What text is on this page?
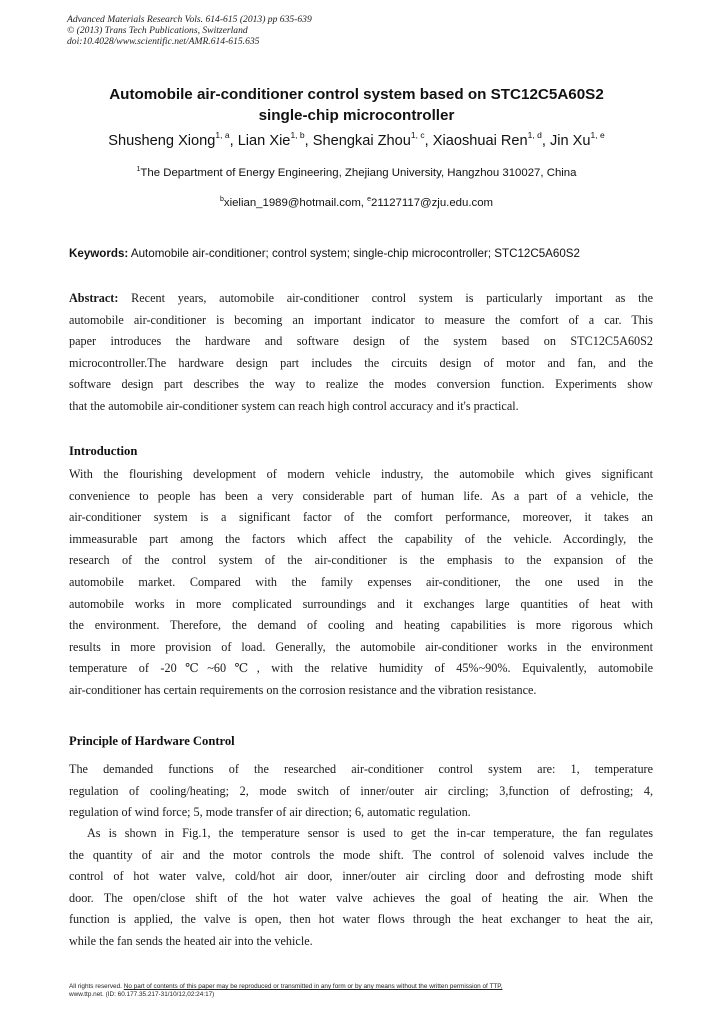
Advanced Materials Research Vols. 614-615 (2013) pp 635-639
© (2013) Trans Tech Publications, Switzerland
doi:10.4028/www.scientific.net/AMR.614-615.635
Automobile air-conditioner control system based on STC12C5A60S2
single-chip microcontroller
Shusheng Xiong$^{1, a}$, Lian Xie$^{1, b}$, Shengkai Zhou$^{1, c}$, Xiaoshuai Ren$^{1, d}$, Jin Xu$^{1, e}$
$^1$The Department of Energy Engineering, Zhejiang University, Hangzhou 310027, China
$^b$xielian_1989@hotmail.com, $^e$21127117@zju.edu.com
Keywords: Automobile air-conditioner; control system; single-chip microcontroller; STC12C5A60S2
Abstract: Recent years, automobile air-conditioner control system is particularly important as the
automobile air-conditioner is becoming an important indicator to measure the comfort of a car. This
paper introduces the hardware and software design of the system based on STC12C5A60S2
microcontroller.The hardware design part includes the circuits design of motor and fan, and the
software design part describes the way to realize the modes conversion function. Experiments show
that the automobile air-conditioner system can reach high control accuracy and it's practical.
Introduction
With the flourishing development of modern vehicle industry, the automobile which gives significant
convenience to people has been a very considerable part of human life. As a part of a vehicle, the
air-conditioner system is a significant factor of the comfort performance, moreover, it takes an
immeasurable part among the factors which affect the capability of the vehicle. Accordingly, the
research of the control system of the air-conditioner is the emphasis to the expansion of the
automobile market. Compared with the family expenses air-conditioner, the one used in the
automobile works in more complicated surroundings and it exchanges large quantities of heat with
the environment. Therefore, the demand of cooling and heating capabilities is more rigorous which
results in more provision of load. Generally, the automobile air-conditioner works in the environment
temperature of -20℃~60℃, with the relative humidity of 45%~90%. Equivalently, automobile
air-conditioner has certain requirements on the corrosion resistance and the vibration resistance.
Principle of Hardware Control
The demanded functions of the researched air-conditioner control system are: 1, temperature
regulation of cooling/heating; 2, mode switch of inner/outer air circling; 3,function of defrosting; 4,
regulation of wind force; 5, mode transfer of air direction; 6, automatic regulation.
As is shown in Fig.1, the temperature sensor is used to get the in-car temperature, the fan regulates
the quantity of air and the motor controls the mode shift. The control of solenoid valves include the
control of hot water valve, cold/hot air door, inner/outer air circling door and defrosting mode shift
door. The open/close shift of the hot water valve achieves the goal of heating the air. When the
function is applied, the valve is open, then hot water flows through the heat exchanger to heat the air,
while the fan sends the heated air into the vehicle.
All rights reserved. No part of contents of this paper may be reproduced or transmitted in any form or by any means without the written permission of TTP,
www.ttp.net. (ID: 60.177.35.217-31/10/12,02:24:17)
